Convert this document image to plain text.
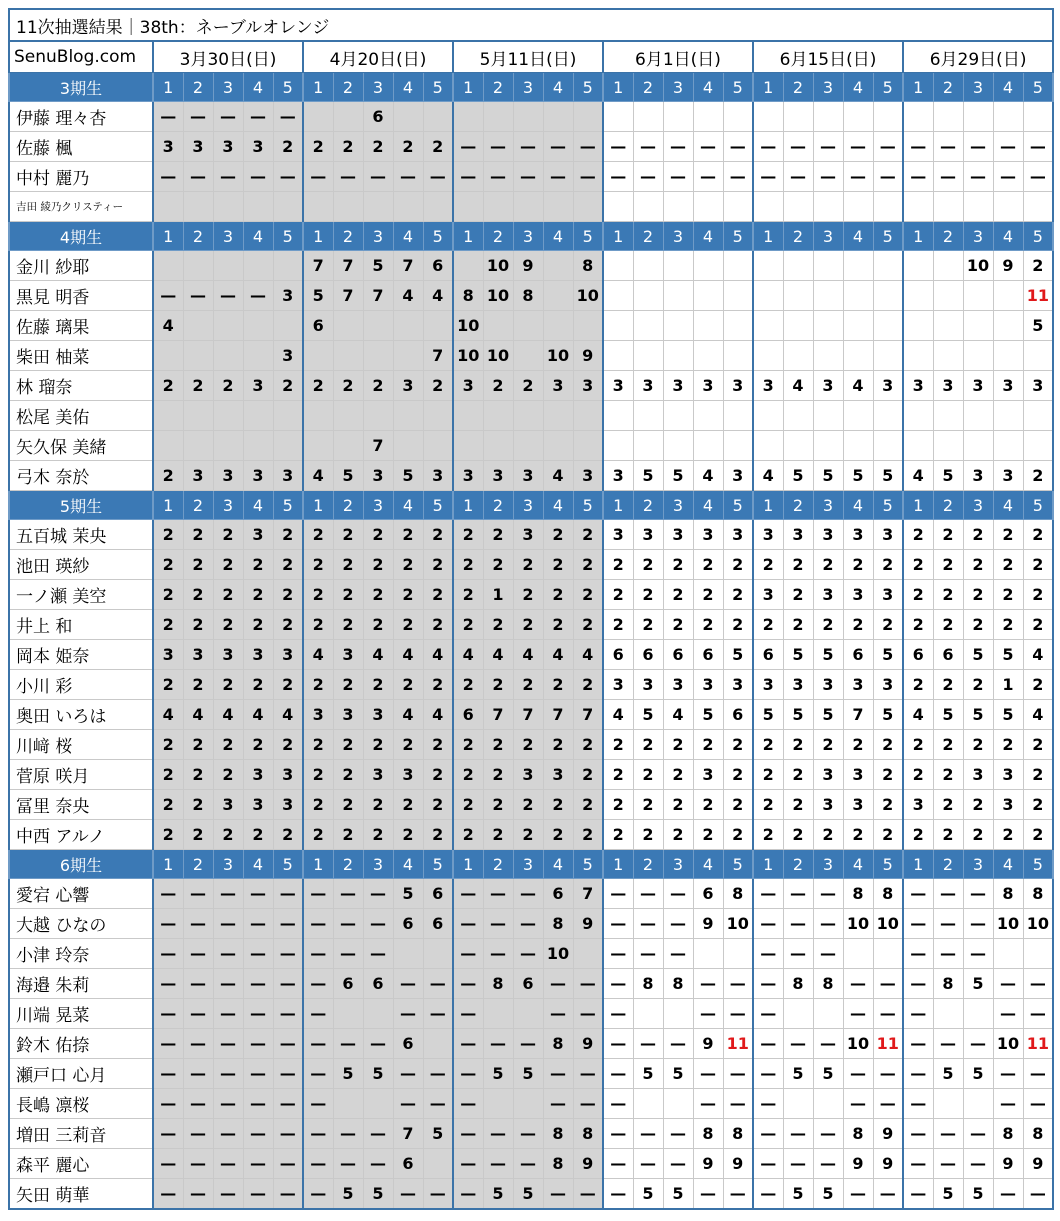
11次抽選結果｜38th：ネーブルオレンジ																														
SenuBlog.com	3月30日(日)					4月20日(日)					5月11日(日)					6月1日(日)					6月15日(日)					6月29日(日)				
3期生	1	2	3	4	5	1	2	3	4	5	1	2	3	4	5	1	2	3	4	5	1	2	3	4	5	1	2	3	4	5
伊藤 理々杏	—	—	—	—	—			6																						
佐藤 楓	3	3	3	3	2	2	2	2	2	2	—	—	—	—	—	—	—	—	—	—	—	—	—	—	—	—	—	—	—	—
中村 麗乃	—	—	—	—	—	—	—	—	—	—	—	—	—	—	—	—	—	—	—	—	—	—	—	—	—	—	—	—	—	—
吉田 綾乃クリスティー																														
4期生	1	2	3	4	5	1	2	3	4	5	1	2	3	4	5	1	2	3	4	5	1	2	3	4	5	1	2	3	4	5
金川 紗耶						7	7	5	7	6		10	9		8													10	9	2
黒見 明香	—	—	—	—	3	5	7	7	4	4	8	10	8		10															11
佐藤 璃果	4					6					10																			5
柴田 柚菜					3					7	10	10		10	9															
林 瑠奈	2	2	2	3	2	2	2	2	3	2	3	2	2	3	3	3	3	3	3	3	3	4	3	4	3	3	3	3	3	3
松尾 美佑																														
矢久保 美緒								7																						
弓木 奈於	2	3	3	3	3	4	5	3	5	3	3	3	3	4	3	3	5	5	4	3	4	5	5	5	5	4	5	3	3	2
5期生	1	2	3	4	5	1	2	3	4	5	1	2	3	4	5	1	2	3	4	5	1	2	3	4	5	1	2	3	4	5
五百城 茉央	2	2	2	3	2	2	2	2	2	2	2	2	3	2	2	3	3	3	3	3	3	3	3	3	3	2	2	2	2	2
池田 瑛紗	2	2	2	2	2	2	2	2	2	2	2	2	2	2	2	2	2	2	2	2	2	2	2	2	2	2	2	2	2	2
一ノ瀬 美空	2	2	2	2	2	2	2	2	2	2	2	1	2	2	2	2	2	2	2	2	3	2	3	3	3	2	2	2	2	2
井上 和	2	2	2	2	2	2	2	2	2	2	2	2	2	2	2	2	2	2	2	2	2	2	2	2	2	2	2	2	2	2
岡本 姫奈	3	3	3	3	3	4	3	4	4	4	4	4	4	4	4	6	6	6	6	5	6	5	5	6	5	6	6	5	5	4
小川 彩	2	2	2	2	2	2	2	2	2	2	2	2	2	2	2	3	3	3	3	3	3	3	3	3	3	2	2	2	1	2
奥田 いろは	4	4	4	4	4	3	3	3	4	4	6	7	7	7	7	4	5	4	5	6	5	5	5	7	5	4	5	5	5	4
川﨑 桜	2	2	2	2	2	2	2	2	2	2	2	2	2	2	2	2	2	2	2	2	2	2	2	2	2	2	2	2	2	2
菅原 咲月	2	2	2	3	3	2	2	3	3	2	2	2	3	3	2	2	2	2	3	2	2	2	3	3	2	2	2	3	3	2
冨里 奈央	2	2	3	3	3	2	2	2	2	2	2	2	2	2	2	2	2	2	2	2	2	2	3	3	2	3	2	2	3	2
中西 アルノ	2	2	2	2	2	2	2	2	2	2	2	2	2	2	2	2	2	2	2	2	2	2	2	2	2	2	2	2	2	2
6期生	1	2	3	4	5	1	2	3	4	5	1	2	3	4	5	1	2	3	4	5	1	2	3	4	5	1	2	3	4	5
愛宕 心響	—	—	—	—	—	—	—	—	5	6	—	—	—	6	7	—	—	—	6	8	—	—	—	8	8	—	—	—	8	8
大越 ひなの	—	—	—	—	—	—	—	—	6	6	—	—	—	8	9	—	—	—	9	10	—	—	—	10	10	—	—	—	10	10
小津 玲奈	—	—	—	—	—	—	—	—			—	—	—	10		—	—	—			—	—	—			—	—	—		
海邉 朱莉	—	—	—	—	—	—	6	6	—	—	—	8	6	—	—	—	8	8	—	—	—	8	8	—	—	—	8	5	—	—
川端 晃菜	—	—	—	—	—	—			—	—	—			—	—	—			—	—	—			—	—	—			—	—
鈴木 佑捺	—	—	—	—	—	—	—	—	6		—	—	—	8	9	—	—	—	9	11	—	—	—	10	11	—	—	—	10	11
瀬戸口 心月	—	—	—	—	—	—	5	5	—	—	—	5	5	—	—	—	5	5	—	—	—	5	5	—	—	—	5	5	—	—
長嶋 凛桜	—	—	—	—	—	—			—	—	—			—	—	—			—	—	—			—	—	—			—	—
増田 三莉音	—	—	—	—	—	—	—	—	7	5	—	—	—	8	8	—	—	—	8	8	—	—	—	8	9	—	—	—	8	8
森平 麗心	—	—	—	—	—	—	—	—	6		—	—	—	8	9	—	—	—	9	9	—	—	—	9	9	—	—	—	9	9
矢田 萌華	—	—	—	—	—	—	5	5	—	—	—	5	5	—	—	—	5	5	—	—	—	5	5	—	—	—	5	5	—	—
